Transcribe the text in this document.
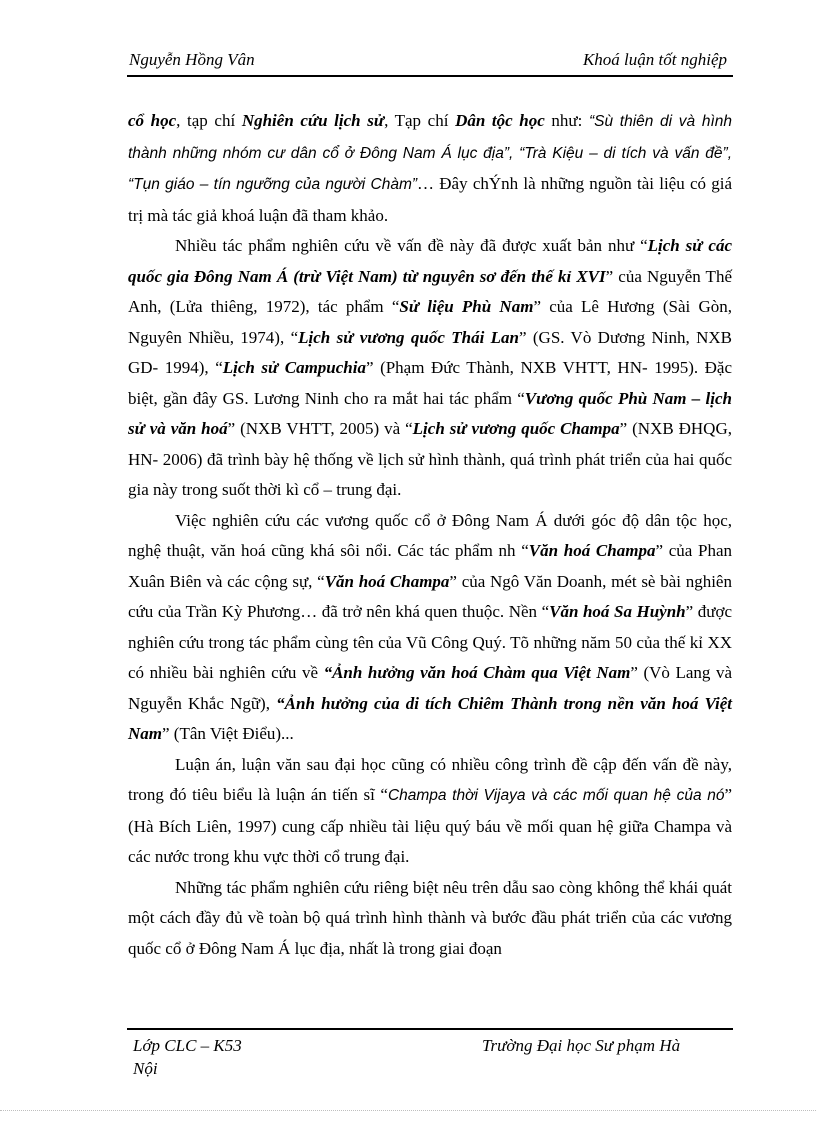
Nguyễn Hồng Vân	Khoá luận tốt nghiệp

cổ học, tạp chí Nghiên cứu lịch sử, Tạp chí Dân tộc học như: “Sù thiên di và hình thành những nhóm cư dân cổ ở Đông Nam Á lục địa”, “Trà Kiệu – di tích và vấn đề”, “Tụn giáo – tín ngưỡng của người Chàm”… Đây chÝnh là những nguồn tài liệu có giá trị mà tác giả khoá luận đã tham khảo.

Nhiều tác phẩm nghiên cứu về vấn đề này đã được xuất bản như “Lịch sử các quốc gia Đông Nam Á (trừ Việt Nam) từ nguyên sơ đến thế kỉ XVI” của Nguyễn Thế Anh, (Lửa thiêng, 1972), tác phẩm “Sử liệu Phù Nam” của Lê Hương (Sài Gòn, Nguyên Nhiều, 1974), “Lịch sử vương quốc Thái Lan” (GS. Vò Dương Ninh, NXB GD- 1994), “Lịch sử Campuchia” (Phạm Đức Thành, NXB VHTT, HN- 1995). Đặc biệt, gần đây GS. Lương Ninh cho ra mắt hai tác phẩm “Vương quốc Phù Nam – lịch sử và văn hoá” (NXB VHTT, 2005) và “Lịch sử vương quốc Champa” (NXB ĐHQG, HN- 2006) đã trình bày hệ thống về lịch sử hình thành, quá trình phát triển của hai quốc gia này trong suốt thời kì cổ – trung đại.

Việc nghiên cứu các vương quốc cổ ở Đông Nam Á dưới góc độ dân tộc học, nghệ thuật, văn hoá cũng khá sôi nổi. Các tác phẩm nh “Văn hoá Champa” của Phan Xuân Biên và các cộng sự, “Văn hoá Champa” của Ngô Văn Doanh, mét sè bài nghiên cứu của Trần Kỳ Phương… đã trở nên khá quen thuộc. Nền “Văn hoá Sa Huỳnh” được nghiên cứu trong tác phẩm cùng tên của Vũ Công Quý. Tõ những năm 50 của thế kỉ XX có nhiều bài nghiên cứu về “Ảnh hưởng văn hoá Chàm qua Việt Nam” (Vò Lang và Nguyễn Khắc Ngữ), “Ảnh hưởng của di tích Chiêm Thành trong nền văn hoá Việt Nam” (Tân Việt Điểu)...

Luận án, luận văn sau đại học cũng có nhiều công trình đề cập đến vấn đề này, trong đó tiêu biểu là luận án tiến sĩ “Champa thời Vijaya và các mối quan hệ của nó” (Hà Bích Liên, 1997) cung cấp nhiều tài liệu quý báu về mối quan hệ giữa Champa và các nước trong khu vực thời cổ trung đại.

Những tác phẩm nghiên cứu riêng biệt nêu trên dẫu sao còng không thể khái quát một cách đầy đủ về toàn bộ quá trình hình thành và bước đầu phát triển của các vương quốc cổ ở Đông Nam Á lục địa, nhất là trong giai đoạn

Lớp CLC – K53	Trường Đại học Sư phạm Hà
Nội
